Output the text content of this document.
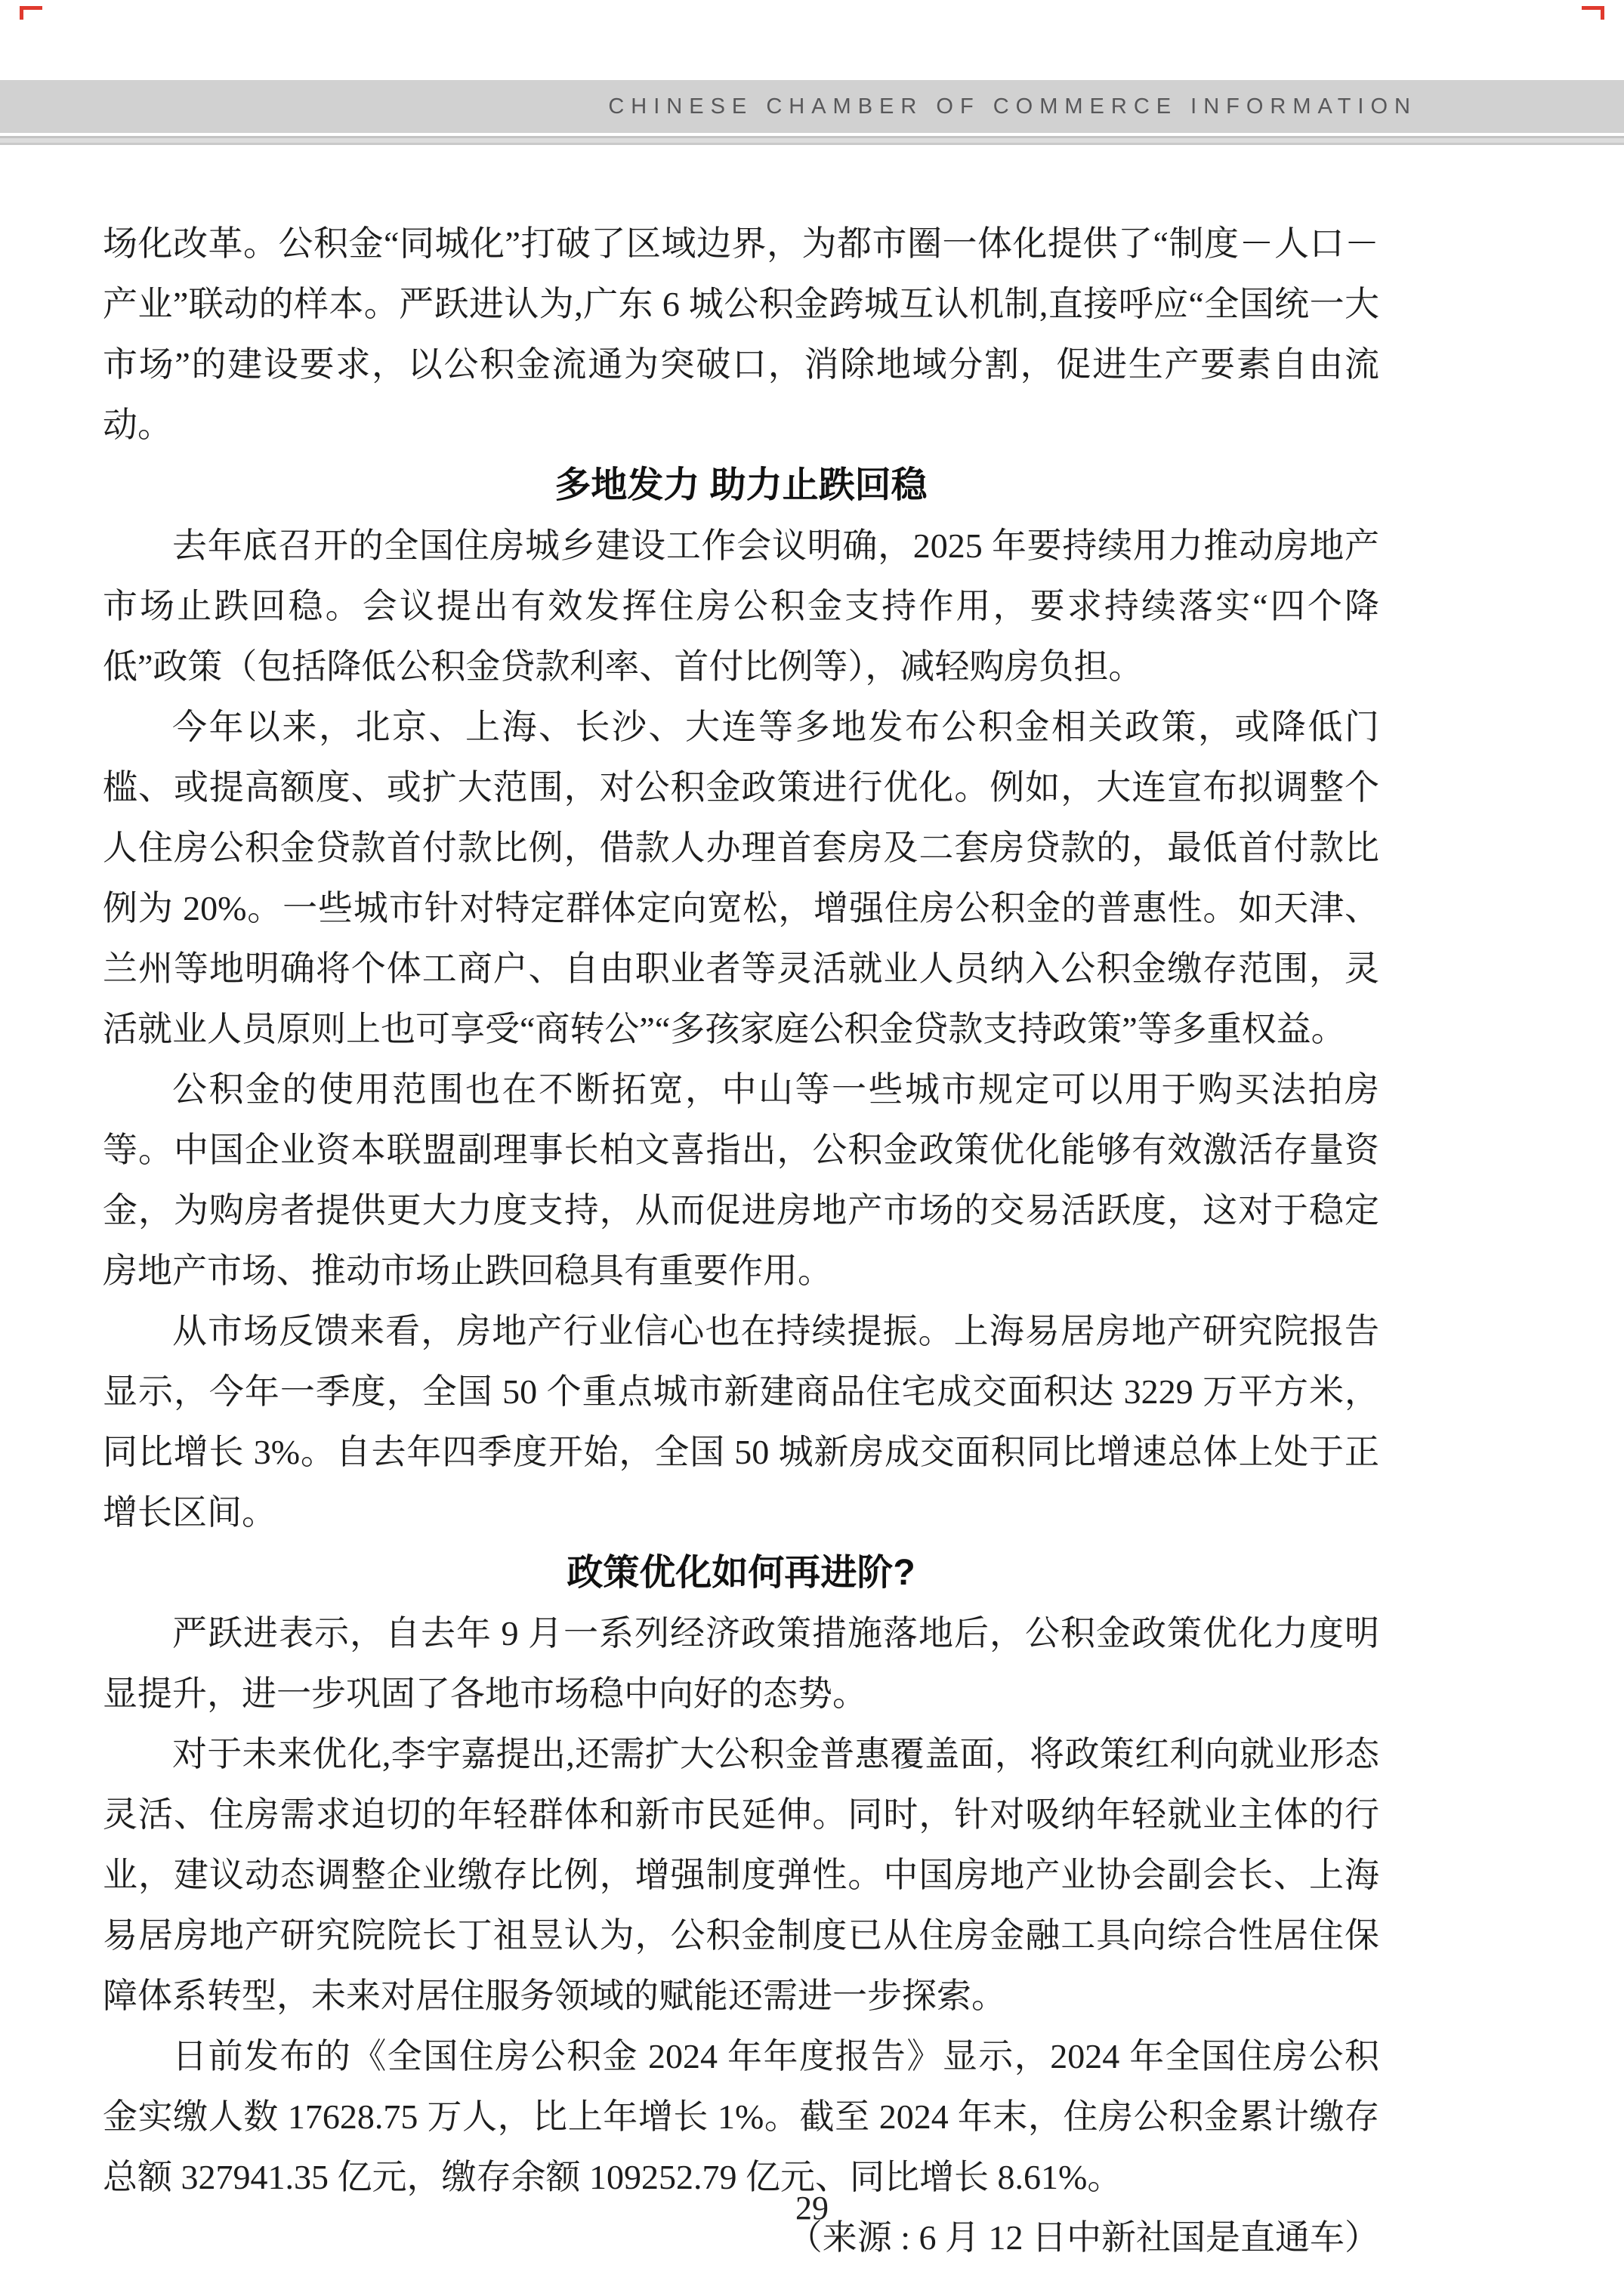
CHINESE CHAMBER OF COMMERCE INFORMATION

场化改革。公积金“同城化”打破了区域边界，为都市圈一体化提供了“制度－人口－产业”联动的样本。严跃进认为,广东 6 城公积金跨城互认机制,直接呼应“全国统一大市场”的建设要求，以公积金流通为突破口，消除地域分割，促进生产要素自由流动。

多地发力 助力止跌回稳

去年底召开的全国住房城乡建设工作会议明确，2025 年要持续用力推动房地产市场止跌回稳。会议提出有效发挥住房公积金支持作用，要求持续落实“四个降低”政策（包括降低公积金贷款利率、首付比例等），减轻购房负担。

今年以来，北京、上海、长沙、大连等多地发布公积金相关政策，或降低门槛、或提高额度、或扩大范围，对公积金政策进行优化。例如，大连宣布拟调整个人住房公积金贷款首付款比例，借款人办理首套房及二套房贷款的，最低首付款比例为 20%。一些城市针对特定群体定向宽松，增强住房公积金的普惠性。如天津、兰州等地明确将个体工商户、自由职业者等灵活就业人员纳入公积金缴存范围，灵活就业人员原则上也可享受“商转公”“多孩家庭公积金贷款支持政策”等多重权益。

公积金的使用范围也在不断拓宽，中山等一些城市规定可以用于购买法拍房等。中国企业资本联盟副理事长柏文喜指出，公积金政策优化能够有效激活存量资金，为购房者提供更大力度支持，从而促进房地产市场的交易活跃度，这对于稳定房地产市场、推动市场止跌回稳具有重要作用。

从市场反馈来看，房地产行业信心也在持续提振。上海易居房地产研究院报告显示，今年一季度，全国 50 个重点城市新建商品住宅成交面积达 3229 万平方米，同比增长 3%。自去年四季度开始，全国 50 城新房成交面积同比增速总体上处于正增长区间。

政策优化如何再进阶?

严跃进表示，自去年 9 月一系列经济政策措施落地后，公积金政策优化力度明显提升，进一步巩固了各地市场稳中向好的态势。

对于未来优化,李宇嘉提出,还需扩大公积金普惠覆盖面，将政策红利向就业形态灵活、住房需求迫切的年轻群体和新市民延伸。同时，针对吸纳年轻就业主体的行业，建议动态调整企业缴存比例，增强制度弹性。中国房地产业协会副会长、上海易居房地产研究院院长丁祖昱认为，公积金制度已从住房金融工具向综合性居住保障体系转型，未来对居住服务领域的赋能还需进一步探索。

日前发布的《全国住房公积金 2024 年年度报告》显示，2024 年全国住房公积金实缴人数 17628.75 万人，比上年增长 1%。截至 2024 年末，住房公积金累计缴存总额 327941.35 亿元，缴存余额 109252.79 亿元、同比增长 8.61%。

（来源 : 6 月 12 日中新社国是直通车）

29
